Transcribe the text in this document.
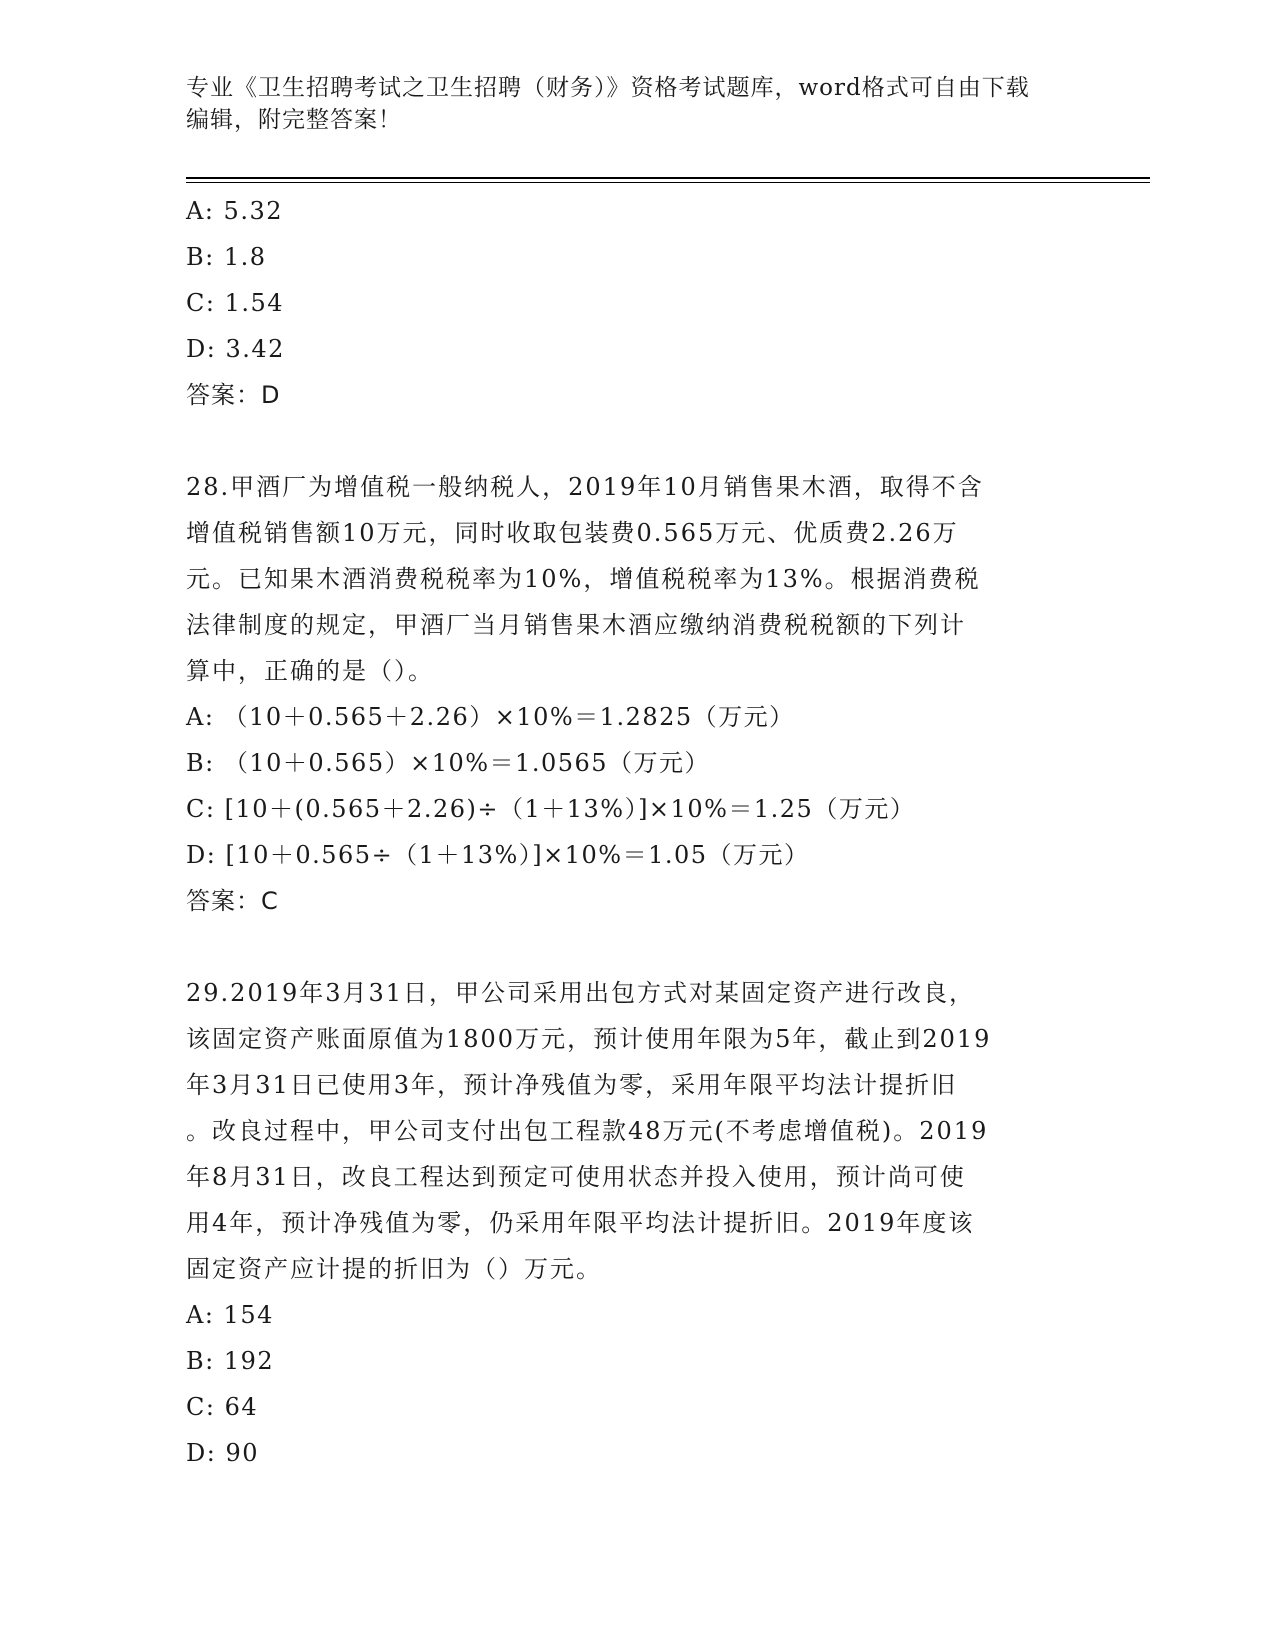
专业《卫生招聘考试之卫生招聘（财务）》资格考试题库，word格式可自由下载
编辑，附完整答案！
A: 5.32
B: 1.8
C: 1.54
D: 3.42
答案：D
28.甲酒厂为增值税一般纳税人，2019年10月销售果木酒，取得不含
增值税销售额10万元，同时收取包装费0.565万元、优质费2.26万
元。已知果木酒消费税税率为10%，增值税税率为13%。根据消费税
法律制度的规定，甲酒厂当月销售果木酒应缴纳消费税税额的下列计
算中，正确的是（）。
A: （10＋0.565＋2.26）×10%＝1.2825（万元）
B: （10＋0.565）×10%＝1.0565（万元）
C: [10＋(0.565＋2.26)÷（1＋13%）]×10%＝1.25（万元）
D: [10＋0.565÷（1＋13%）]×10%＝1.05（万元）
答案：C
29.2019年3月31日，甲公司采用出包方式对某固定资产进行改良，
该固定资产账面原值为1800万元，预计使用年限为5年，截止到2019
年3月31日已使用3年，预计净残值为零，采用年限平均法计提折旧
。改良过程中，甲公司支付出包工程款48万元(不考虑增值税)。2019
年8月31日，改良工程达到预定可使用状态并投入使用，预计尚可使
用4年，预计净残值为零，仍采用年限平均法计提折旧。2019年度该
固定资产应计提的折旧为（）万元。
A: 154
B: 192
C: 64
D: 90
